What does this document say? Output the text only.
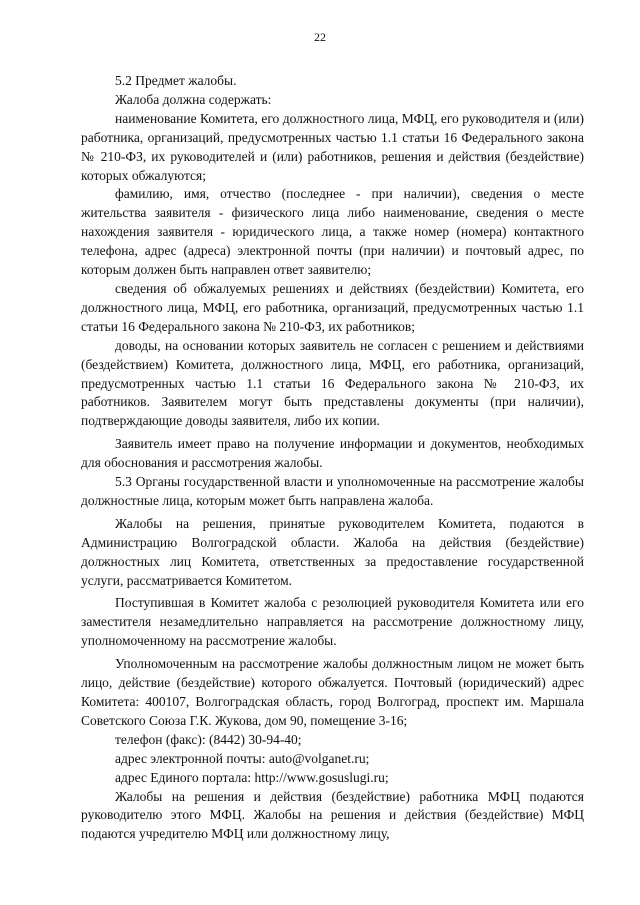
22

5.2 Предмет жалобы.

Жалоба должна содержать:

наименование Комитета, его должностного лица, МФЦ, его руководителя и (или) работника, организаций, предусмотренных частью 1.1 статьи 16 Федерального закона № 210-ФЗ, их руководителей и (или) работников, решения и действия (бездействие) которых обжалуются;

фамилию, имя, отчество (последнее - при наличии), сведения о месте жительства заявителя - физического лица либо наименование, сведения о месте нахождения заявителя - юридического лица, а также номер (номера) контактного телефона, адрес (адреса) электронной почты (при наличии) и почтовый адрес, по которым должен быть направлен ответ заявителю;

сведения об обжалуемых решениях и действиях (бездействии) Комитета, его должностного лица, МФЦ, его работника, организаций, предусмотренных частью 1.1 статьи 16 Федерального закона № 210-ФЗ, их работников;

доводы, на основании которых заявитель не согласен с решением и действиями (бездействием) Комитета, должностного лица, МФЦ, его работника, организаций, предусмотренных частью 1.1 статьи 16 Федерального закона № 210-ФЗ, их работников. Заявителем могут быть представлены документы (при наличии), подтверждающие доводы заявителя, либо их копии.

Заявитель имеет право на получение информации и документов, необходимых для обоснования и рассмотрения жалобы.

5.3 Органы государственной власти и уполномоченные на рассмотрение жалобы должностные лица, которым может быть направлена жалоба.

Жалобы на решения, принятые руководителем Комитета, подаются в Администрацию Волгоградской области. Жалоба на действия (бездействие) должностных лиц Комитета, ответственных за предоставление государственной услуги, рассматривается Комитетом.

Поступившая в Комитет жалоба с резолюцией руководителя Комитета или его заместителя незамедлительно направляется на рассмотрение должностному лицу, уполномоченному на рассмотрение жалобы.

Уполномоченным на рассмотрение жалобы должностным лицом не может быть лицо, действие (бездействие) которого обжалуется. Почтовый (юридический) адрес Комитета: 400107, Волгоградская область, город Волгоград, проспект им. Маршала Советского Союза Г.К. Жукова, дом 90, помещение 3-16;

телефон (факс): (8442) 30-94-40;

адрес электронной почты: auto@volganet.ru;

адрес Единого портала: http://www.gosuslugi.ru;

Жалобы на решения и действия (бездействие) работника МФЦ подаются руководителю этого МФЦ. Жалобы на решения и действия (бездействие) МФЦ подаются учредителю МФЦ или должностному лицу,
